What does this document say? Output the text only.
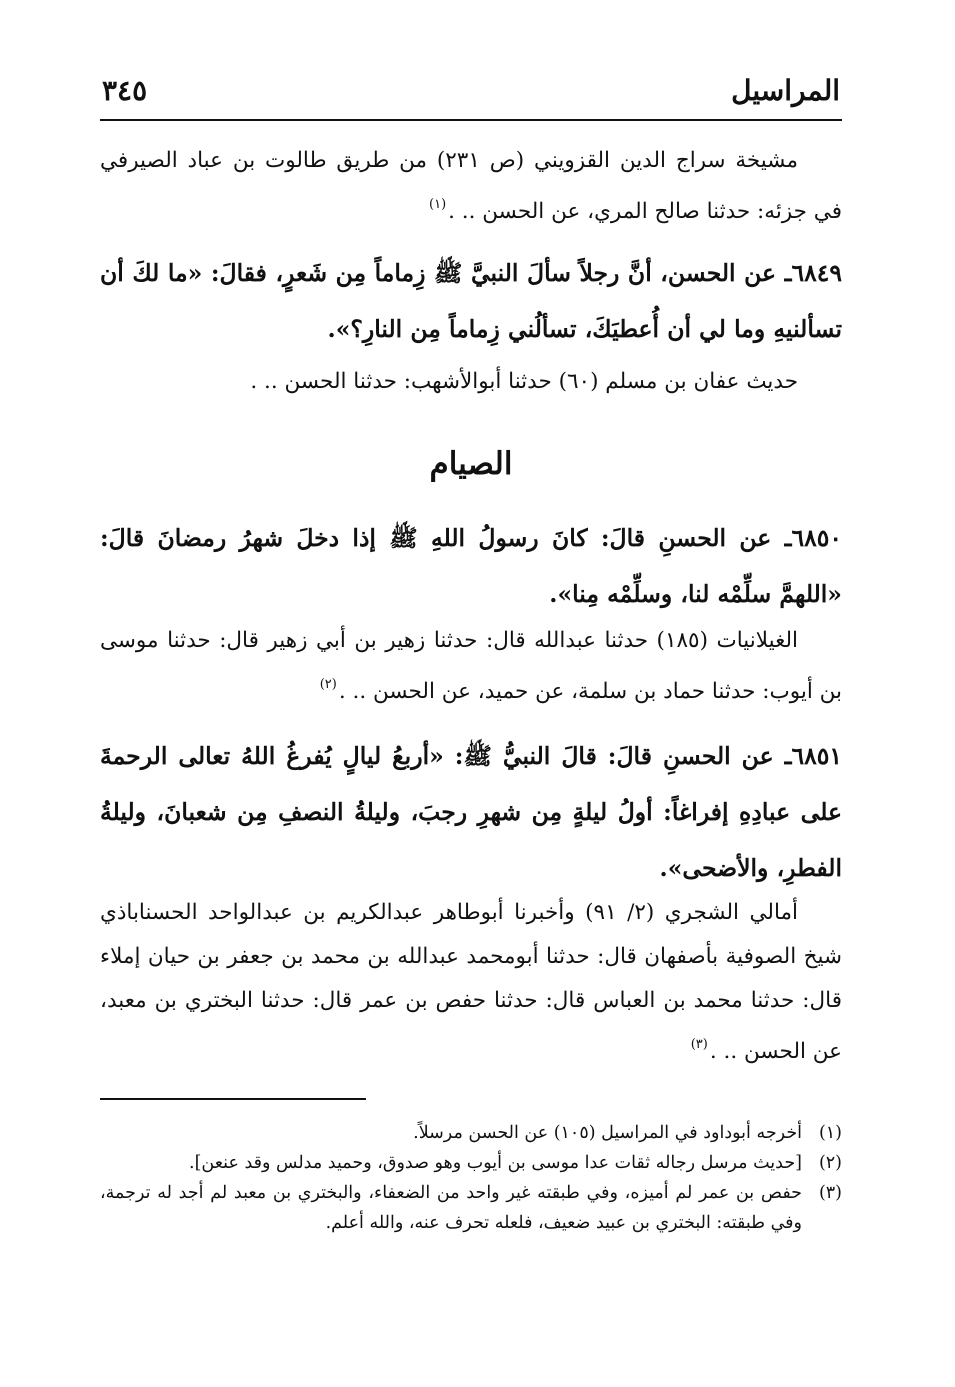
المراسيل
٣٤٥
مشيخة سراج الدين القزويني (ص ٢٣١) من طريق طالوت بن عباد الصيرفي في جزئه: حدثنا صالح المري، عن الحسن .. .$^{(١)}$
٦٨٤٩ـ عن الحسن، أنَّ رجلاً سألَ النبيَّ ﷺ زِماماً مِن شَعرٍ، فقالَ: «ما لكَ أن تسألنيهِ وما لي أن أُعطيَكَ، تسألُني زِماماً مِن النارِ؟».
حديث عفان بن مسلم (٦٠) حدثنا أبوالأشهب: حدثنا الحسن .. .
الصيام
٦٨٥٠ـ عن الحسنِ قالَ: كانَ رسولُ اللهِ ﷺ إذا دخلَ شهرُ رمضانَ قالَ: «اللهمَّ سلِّمْه لنا، وسلِّمْه مِنا».
الغيلانيات (١٨٥) حدثنا عبدالله قال: حدثنا زهير بن أبي زهير قال: حدثنا موسى بن أيوب: حدثنا حماد بن سلمة، عن حميد، عن الحسن .. .$^{(٢)}$
٦٨٥١ـ عن الحسنِ قالَ: قالَ النبيُّ ﷺ: «أربعُ ليالٍ يُفرغُ اللهُ تعالى الرحمةَ على عبادِهِ إفراغاً: أولُ ليلةٍ مِن شهرِ رجبَ، وليلةُ النصفِ مِن شعبانَ، وليلةُ الفطرِ، والأضحى».
أمالي الشجري (٢/ ٩١) وأخبرنا أبوطاهر عبدالكريم بن عبدالواحد الحسناباذي شيخ الصوفية بأصفهان قال: حدثنا أبومحمد عبدالله بن محمد بن جعفر بن حيان إملاء قال: حدثنا محمد بن العباس قال: حدثنا حفص بن عمر قال: حدثنا البختري بن معبد، عن الحسن .. .$^{(٣)}$
(١)أخرجه أبوداود في المراسيل (١٠٥) عن الحسن مرسلاً.
(٢)[حديث مرسل رجاله ثقات عدا موسى بن أيوب وهو صدوق، وحميد مدلس وقد عنعن].
(٣)حفص بن عمر لم أميزه، وفي طبقته غير واحد من الضعفاء، والبختري بن معبد لم أجد له ترجمة، وفي طبقته: البختري بن عبيد ضعيف، فلعله تحرف عنه، والله أعلم.
